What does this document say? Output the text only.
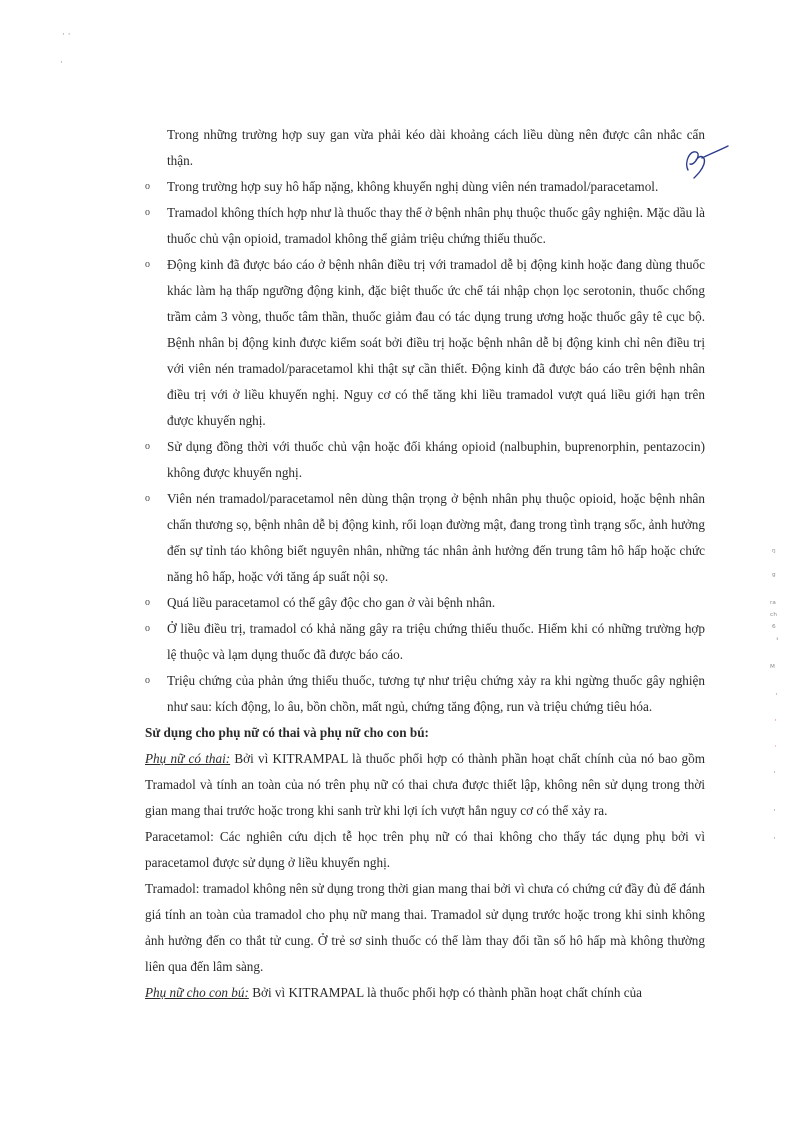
· ·
·
ᵑ
ᵍ
ʳᵃ
ᶜʰ
⁶
'
ᴹ
·
·
·
·
·
·

Trong những trường hợp suy gan vừa phải kéo dài khoảng cách liều dùng nên được cân nhắc cẩn thận.

o Trong trường hợp suy hô hấp nặng, không khuyến nghị dùng viên nén tramadol/paracetamol.
o Tramadol không thích hợp như là thuốc thay thế ở bệnh nhân phụ thuộc thuốc gây nghiện. Mặc dầu là thuốc chủ vận opioid, tramadol không thể giảm triệu chứng thiếu thuốc.
o Động kinh đã được báo cáo ở bệnh nhân điều trị với tramadol dễ bị động kinh hoặc đang dùng thuốc khác làm hạ thấp ngưỡng động kinh, đặc biệt thuốc ức chế tái nhập chọn lọc serotonin, thuốc chống trầm cảm 3 vòng, thuốc tâm thần, thuốc giảm đau có tác dụng trung ương hoặc thuốc gây tê cục bộ. Bệnh nhân bị động kinh được kiểm soát bởi điều trị hoặc bệnh nhân dễ bị động kinh chỉ nên điều trị với viên nén tramadol/paracetamol khi thật sự cần thiết. Động kinh đã được báo cáo trên bệnh nhân điều trị với ở liều khuyến nghị. Nguy cơ có thể tăng khi liều tramadol vượt quá liều giới hạn trên được khuyến nghị.
o Sử dụng đồng thời với thuốc chủ vận hoặc đối kháng opioid (nalbuphin, buprenorphin, pentazocin) không được khuyến nghị.
o Viên nén tramadol/paracetamol nên dùng thận trọng ở bệnh nhân phụ thuộc opioid, hoặc bệnh nhân chấn thương sọ, bệnh nhân dễ bị động kinh, rối loạn đường mật, đang trong tình trạng sốc, ảnh hưởng đến sự tỉnh táo không biết nguyên nhân, những tác nhân ảnh hưởng đến trung tâm hô hấp hoặc chức năng hô hấp, hoặc với tăng áp suất nội sọ.
o Quá liều paracetamol có thể gây độc cho gan ở vài bệnh nhân.
o Ở liều điều trị, tramadol có khả năng gây ra triệu chứng thiếu thuốc. Hiếm khi có những trường hợp lệ thuộc và lạm dụng thuốc đã được báo cáo.
o Triệu chứng của phản ứng thiếu thuốc, tương tự như triệu chứng xảy ra khi ngừng thuốc gây nghiện như sau: kích động, lo âu, bồn chồn, mất ngủ, chứng tăng động, run và triệu chứng tiêu hóa.

Sử dụng cho phụ nữ có thai và phụ nữ cho con bú:

Phụ nữ có thai: Bởi vì KITRAMPAL là thuốc phối hợp có thành phần hoạt chất chính của nó bao gồm Tramadol và tính an toàn của nó trên phụ nữ có thai chưa được thiết lập, không nên sử dụng trong thời gian mang thai trước hoặc trong khi sanh trừ khi lợi ích vượt hẳn nguy cơ có thể xảy ra.

Paracetamol: Các nghiên cứu dịch tễ học trên phụ nữ có thai không cho thấy tác dụng phụ bởi vì paracetamol được sử dụng ở liều khuyến nghị.

Tramadol: tramadol không nên sử dụng trong thời gian mang thai bởi vì chưa có chứng cứ đầy đủ để đánh giá tính an toàn của tramadol cho phụ nữ mang thai. Tramadol sử dụng trước hoặc trong khi sinh không ảnh hưởng đến co thắt tử cung. Ở trẻ sơ sinh thuốc có thể làm thay đổi tần số hô hấp mà không thường liên qua đến lâm sàng.

Phụ nữ cho con bú: Bởi vì KITRAMPAL là thuốc phối hợp có thành phần hoạt chất chính của
